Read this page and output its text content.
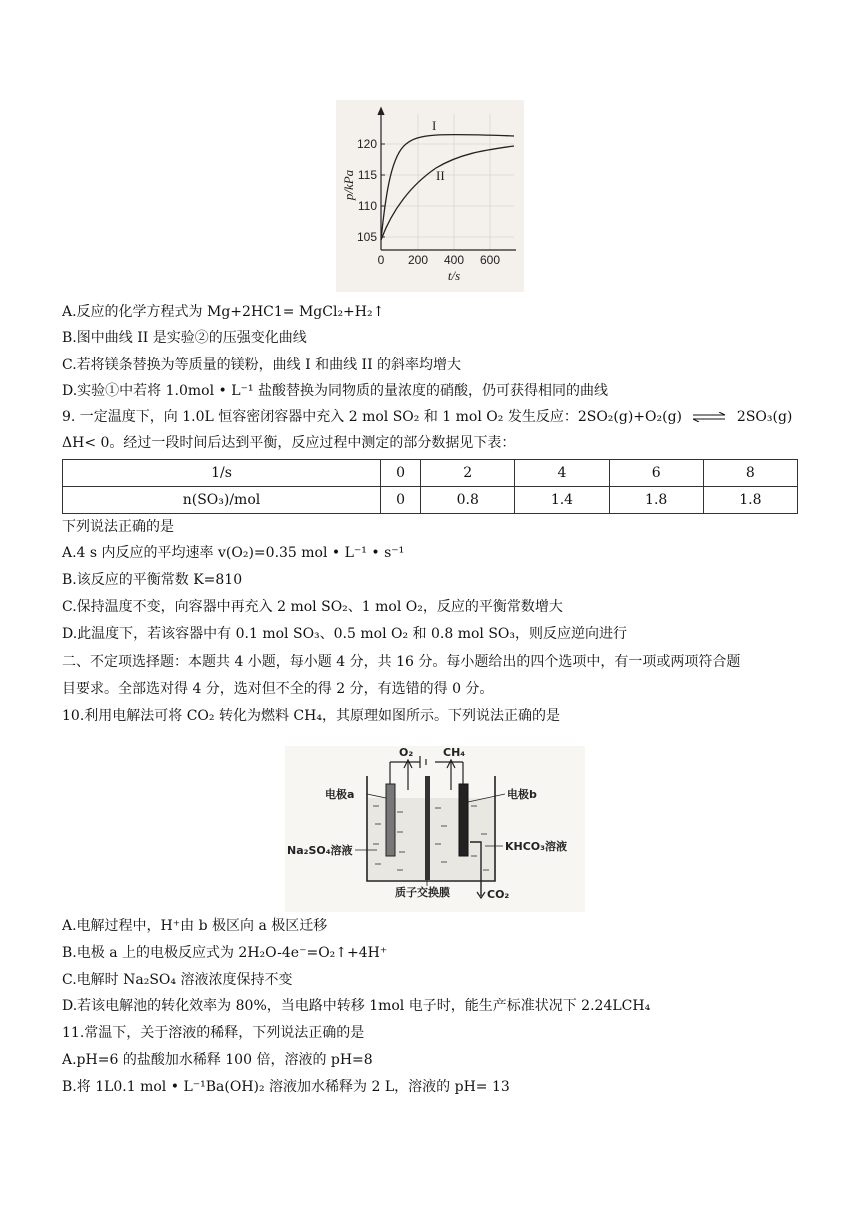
120
115
110
105
0 200 400 600
t/s
p/kPa
I
II
A.反应的化学方程式为 Mg+2HC1= MgCl₂+H₂↑
B.图中曲线 II 是实验②的压强变化曲线
C.若将镁条替换为等质量的镁粉，曲线 I 和曲线 II 的斜率均增大
D.实验①中若将 1.0mol • L⁻¹ 盐酸替换为同物质的量浓度的硝酸，仍可获得相同的曲线
9. 一定温度下，向 1.0L 恒容密闭容器中充入 2 mol SO₂ 和 1 mol O₂ 发生反应：2SO₂(g)+O₂(g) ⇌ 2SO₃(g)
ΔH< 0。经过一段时间后达到平衡，反应过程中测定的部分数据见下表：
1/s	0	2	4	6	8
n(SO₃)/mol	0	0.8	1.4	1.8	1.8
下列说法正确的是
A.4 s 内反应的平均速率 v(O₂)=0.35 mol • L⁻¹ • s⁻¹
B.该反应的平衡常数 K=810
C.保持温度不变，向容器中再充入 2 mol SO₂、1 mol O₂，反应的平衡常数增大
D.此温度下，若该容器中有 0.1 mol SO₃、0.5 mol O₂ 和 0.8 mol SO₃，则反应逆向进行
二、不定项选择题：本题共 4 小题，每小题 4 分，共 16 分。每小题给出的四个选项中，有一项或两项符合题
目要求。全部选对得 4 分，选对但不全的得 2 分，有选错的得 0 分。
10.利用电解法可将 CO₂ 转化为燃料 CH₄，其原理如图所示。下列说法正确的是
O₂	CH₄
电极a	电极b
Na₂SO₄溶液	KHCO₃溶液
质子交换膜	CO₂
A.电解过程中，H⁺由 b 极区向 a 极区迁移
B.电极 a 上的电极反应式为 2H₂O-4e⁻=O₂↑+4H⁺
C.电解时 Na₂SO₄ 溶液浓度保持不变
D.若该电解池的转化效率为 80%，当电路中转移 1mol 电子时，能生产标准状况下 2.24LCH₄
11.常温下，关于溶液的稀释，下列说法正确的是
A.pH=6 的盐酸加水稀释 100 倍，溶液的 pH=8
B.将 1L0.1 mol • L⁻¹Ba(OH)₂ 溶液加水稀释为 2 L，溶液的 pH= 13
